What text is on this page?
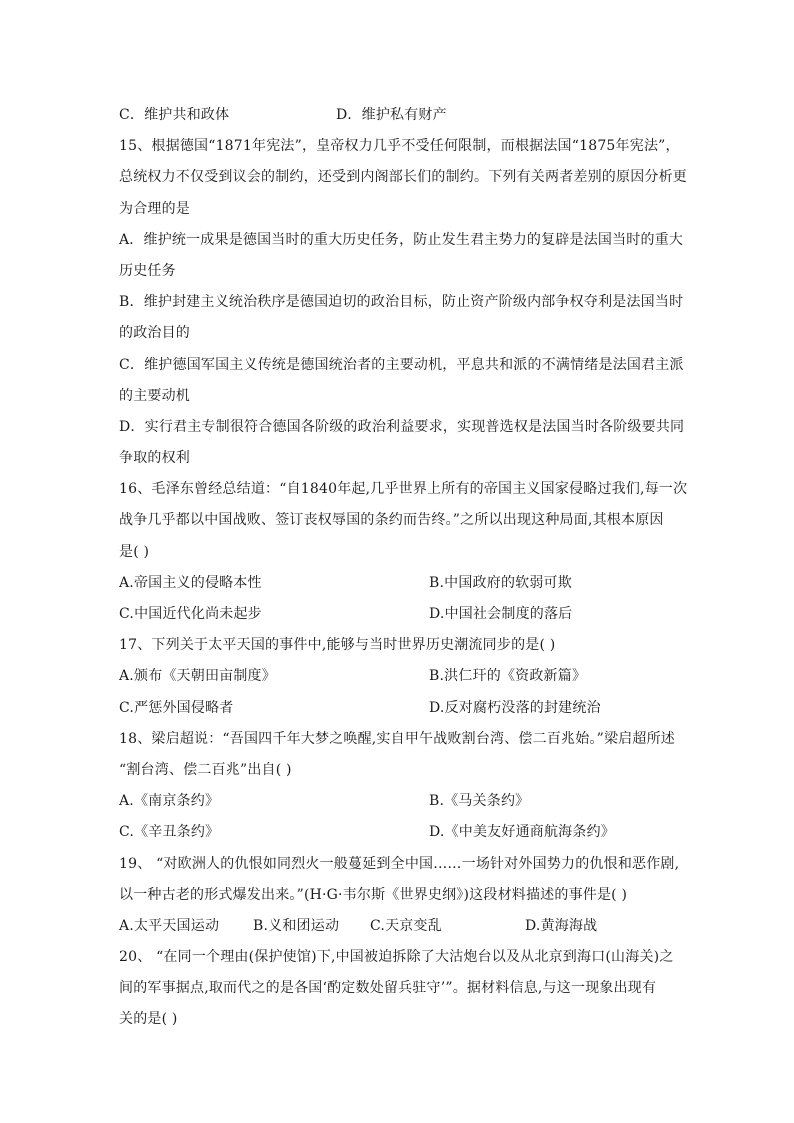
C．维护共和政体	D．维护私有财产
15、根据德国“1871年宪法”，皇帝权力几乎不受任何限制，而根据法国“1875年宪法”，
总统权力不仅受到议会的制约，还受到内阁部长们的制约。下列有关两者差别的原因分析更
为合理的是
A．维护统一成果是德国当时的重大历史任务，防止发生君主势力的复辟是法国当时的重大
历史任务
B．维护封建主义统治秩序是德国迫切的政治目标，防止资产阶级内部争权夺利是法国当时
的政治目的
C．维护德国军国主义传统是德国统治者的主要动机，平息共和派的不满情绪是法国君主派
的主要动机
D．实行君主专制很符合德国各阶级的政治利益要求，实现普选权是法国当时各阶级要共同
争取的权利
16、毛泽东曾经总结道：“自1840年起,几乎世界上所有的帝国主义国家侵略过我们,每一次
战争几乎都以中国战败、签订丧权辱国的条约而告终。”之所以出现这种局面,其根本原因
是( )
A.帝国主义的侵略本性	B.中国政府的软弱可欺
C.中国近代化尚未起步	D.中国社会制度的落后
17、下列关于太平天国的事件中,能够与当时世界历史潮流同步的是( )
A.颁布《天朝田亩制度》	B.洪仁玕的《资政新篇》
C.严惩外国侵略者	D.反对腐朽没落的封建统治
18、梁启超说：“吾国四千年大梦之唤醒,实自甲午战败割台湾、偿二百兆始。”梁启超所述
“割台湾、偿二百兆”出自( )
A.《南京条约》	B.《马关条约》
C.《辛丑条约》	D.《中美友好通商航海条约》
19、 “对欧洲人的仇恨如同烈火一般蔓延到全中国……一场针对外国势力的仇恨和恶作剧,
以一种古老的形式爆发出来。”(H·G·韦尔斯《世界史纲》)这段材料描述的事件是( )
A.太平天国运动	B.义和团运动	C.天京变乱	D.黄海海战
20、 “在同一个理由(保护使馆)下,中国被迫拆除了大沽炮台以及从北京到海口(山海关)之
间的军事据点,取而代之的是各国‘酌定数处留兵驻守’”。据材料信息,与这一现象出现有
关的是( )
